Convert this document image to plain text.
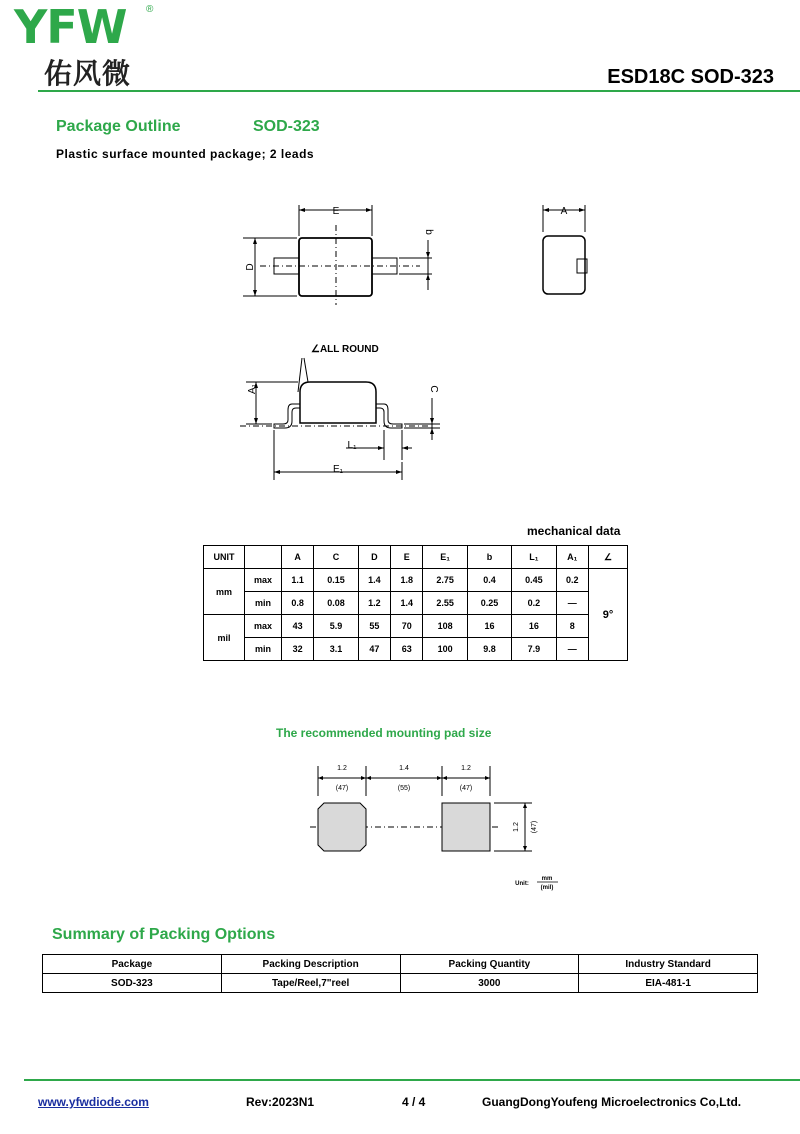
YFW ®
佑风微	ESD18C SOD-323
Package Outline	SOD-323
Plastic surface mounted package; 2 leads
E
D
b
A
∠ALL ROUND
A₁	C
L₁
E₁
mechanical data
UNIT		A	C	D	E	E₁	b	L₁	A₁	∠
mm	max	1.1	0.15	1.4	1.8	2.75	0.4	0.45	0.2	9°
	min	0.8	0.08	1.2	1.4	2.55	0.25	0.2	—	
mil	max	43	5.9	55	70	108	16	16	8	
	min	32	3.1	47	63	100	9.8	7.9	—	
The recommended mounting pad size
1.2
(47)
1.4
(55)
1.2
(47)
1.2 (47)
Unit:
mm
(mil)
Summary of Packing Options
Package	Packing Description	Packing Quantity	Industry Standard
SOD-323	Tape/Reel,7"reel	3000	EIA-481-1
www.yfwdiode.com	Rev:2023N1	4 / 4	GuangDongYoufeng Microelectronics Co,Ltd.
